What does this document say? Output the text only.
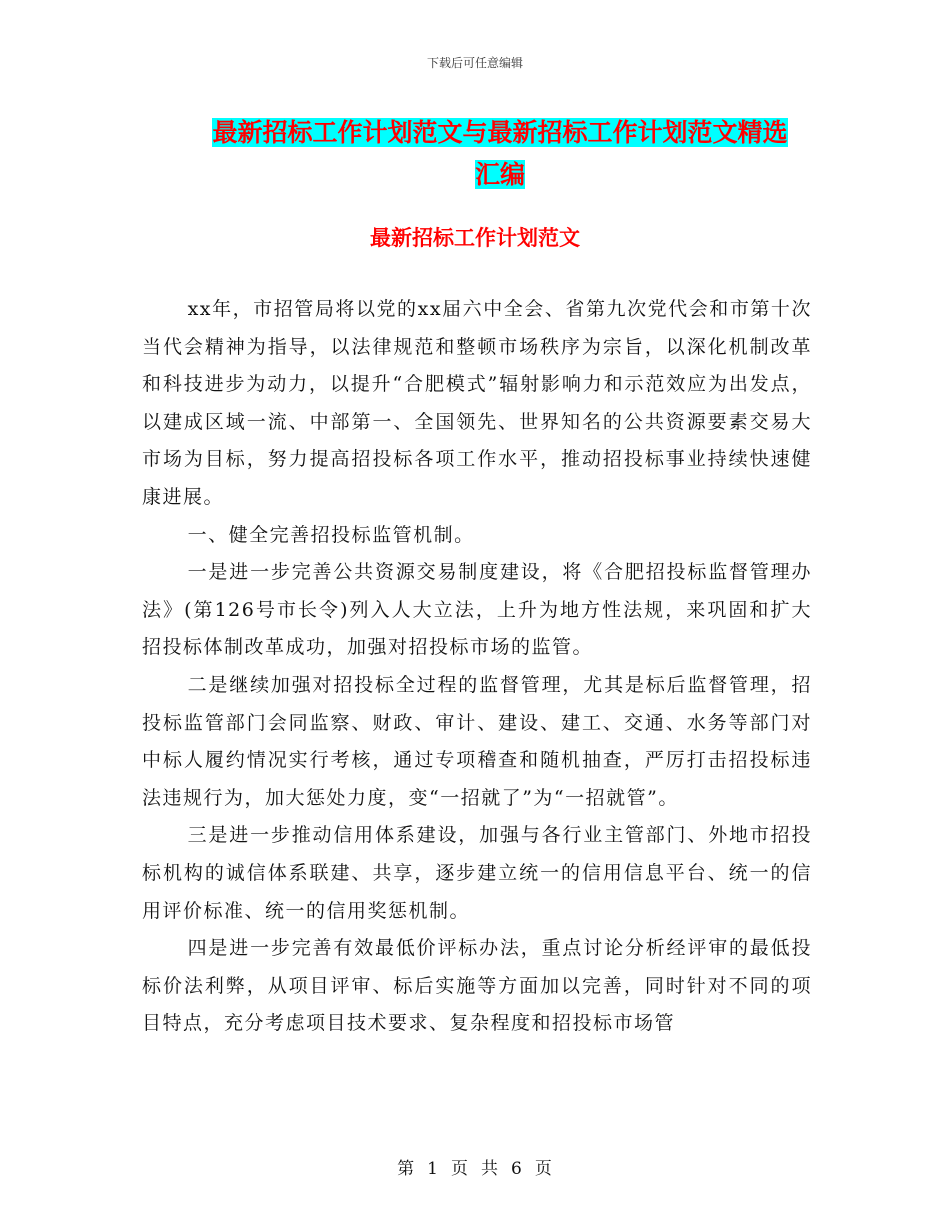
下载后可任意编辑
最新招标工作计划范文与最新招标工作计划范文精选
汇编
最新招标工作计划范文

xx年，市招管局将以党的xx届六中全会、省第九次党代会和市第十次当代会精神为指导，以法律规范和整顿市场秩序为宗旨，以深化机制改革和科技进步为动力，以提升“合肥模式”辐射影响力和示范效应为出发点，以建成区域一流、中部第一、全国领先、世界知名的公共资源要素交易大市场为目标，努力提高招投标各项工作水平，推动招投标事业持续快速健康进展。

一、健全完善招投标监管机制。

一是进一步完善公共资源交易制度建设，将《合肥招投标监督管理办法》(第126号市长令)列入人大立法，上升为地方性法规，来巩固和扩大招投标体制改革成功，加强对招投标市场的监管。

二是继续加强对招投标全过程的监督管理，尤其是标后监督管理，招投标监管部门会同监察、财政、审计、建设、建工、交通、水务等部门对中标人履约情况实行考核，通过专项稽查和随机抽查，严厉打击招投标违法违规行为，加大惩处力度，变“一招就了”为“一招就管”。

三是进一步推动信用体系建设，加强与各行业主管部门、外地市招投标机构的诚信体系联建、共享，逐步建立统一的信用信息平台、统一的信用评价标准、统一的信用奖惩机制。

四是进一步完善有效最低价评标办法，重点讨论分析经评审的最低投标价法利弊，从项目评审、标后实施等方面加以完善，同时针对不同的项目特点，充分考虑项目技术要求、复杂程度和招投标市场管

第 1 页 共 6 页
